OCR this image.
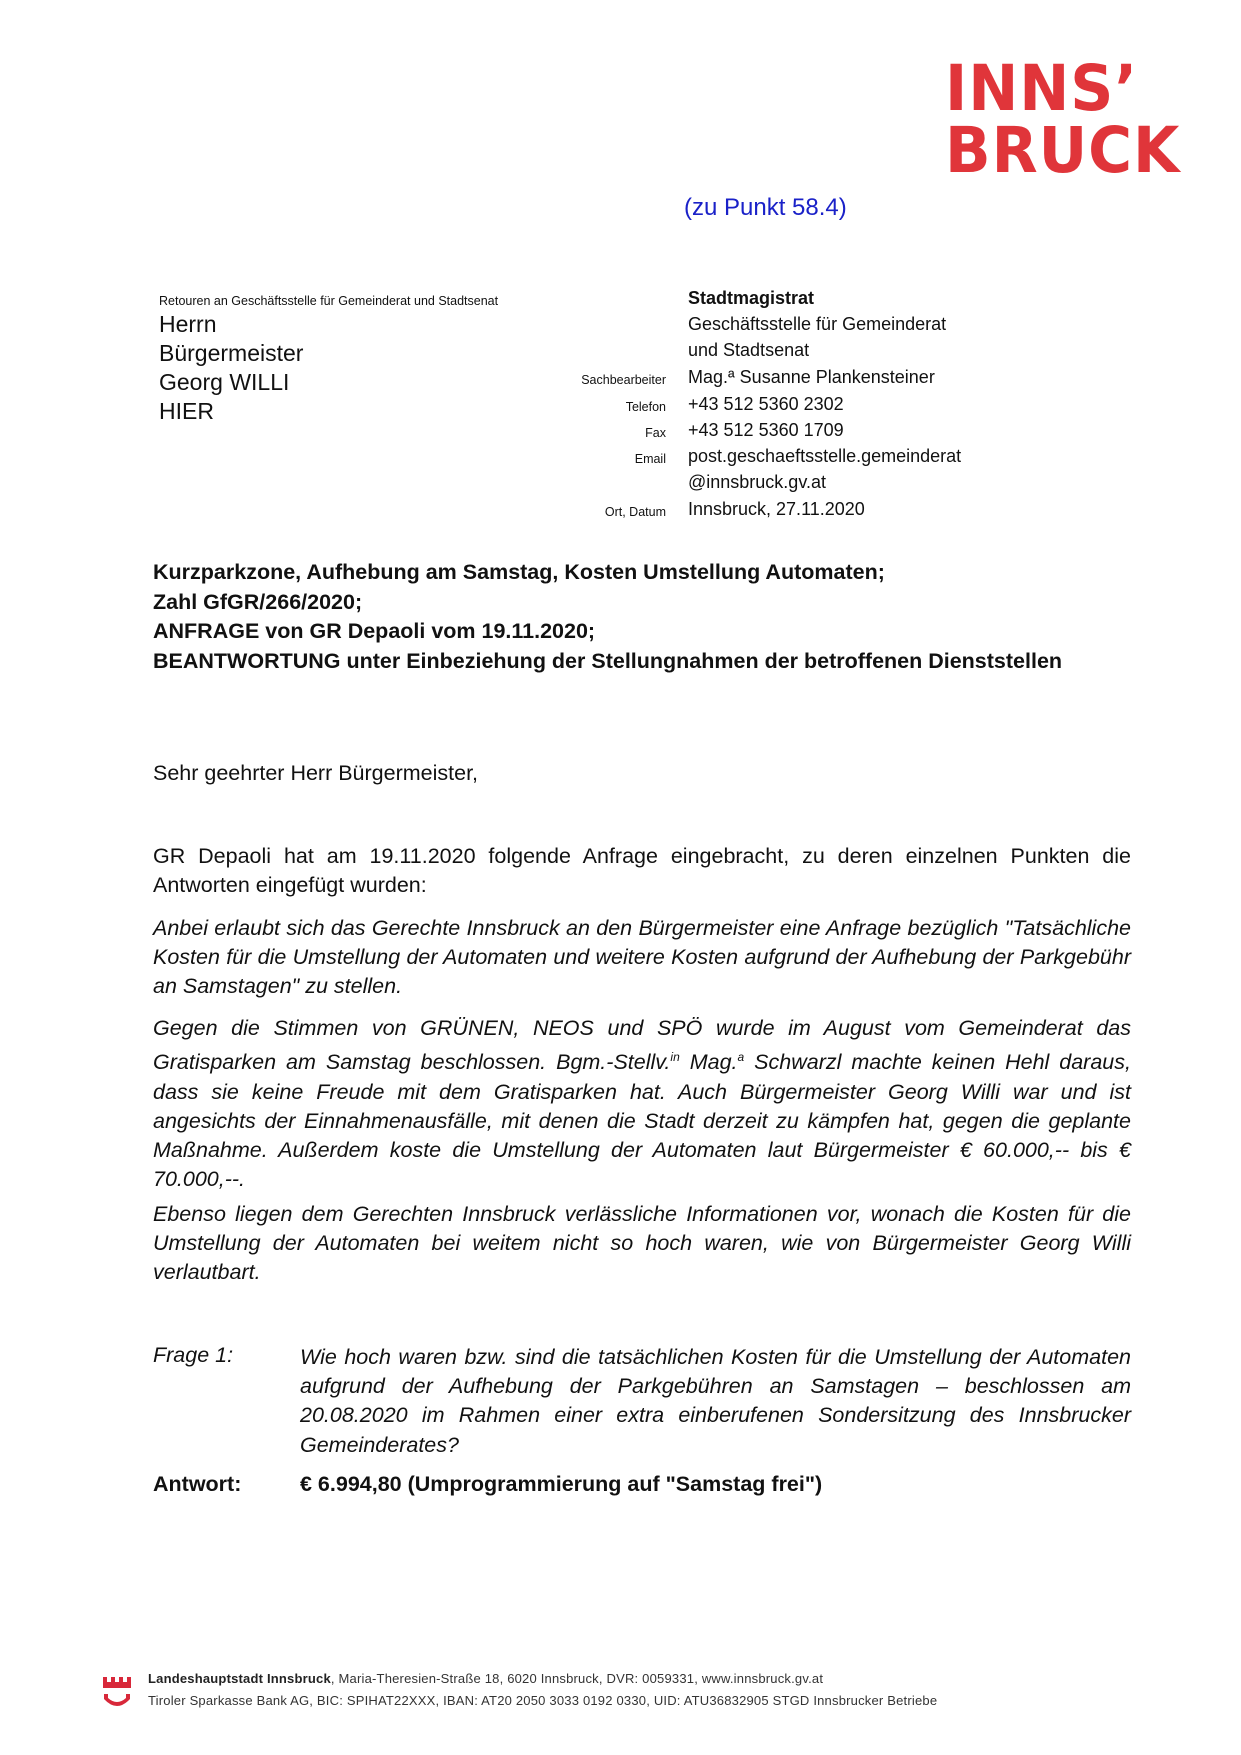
INNS’
BRUCK
(zu Punkt 58.4)
Retouren an Geschäftsstelle für Gemeinderat und Stadtsenat
Herrn
Bürgermeister
Georg WILLI
HIER
Stadtmagistrat
Geschäftsstelle für Gemeinderat
und Stadtsenat
Sachbearbeiter Mag.ª Susanne Plankensteiner
Telefon +43 512 5360 2302
Fax +43 512 5360 1709
Email post.geschaeftsstelle.gemeinderat
@innsbruck.gv.at
Ort, Datum Innsbruck, 27.11.2020
Kurzparkzone, Aufhebung am Samstag, Kosten Umstellung Automaten;
Zahl GfGR/266/2020;
ANFRAGE von GR Depaoli vom 19.11.2020;
BEANTWORTUNG unter Einbeziehung der Stellungnahmen der betroffenen Dienststellen
Sehr geehrter Herr Bürgermeister,
GR Depaoli hat am 19.11.2020 folgende Anfrage eingebracht, zu deren einzelnen Punkten die Antworten eingefügt wurden:
Anbei erlaubt sich das Gerechte Innsbruck an den Bürgermeister eine Anfrage bezüglich "Tatsächliche Kosten für die Umstellung der Automaten und weitere Kosten aufgrund der Aufhebung der Parkgebühr an Samstagen" zu stellen.
Gegen die Stimmen von GRÜNEN, NEOS und SPÖ wurde im August vom Gemeinderat das Gratisparken am Samstag beschlossen. Bgm.-Stellv.$^{in}$ Mag.$^a$ Schwarzl machte keinen Hehl daraus, dass sie keine Freude mit dem Gratisparken hat. Auch Bürgermeister Georg Willi war und ist angesichts der Einnahmenausfälle, mit denen die Stadt derzeit zu kämpfen hat, gegen die geplante Maßnahme. Außerdem koste die Umstellung der Automaten laut Bürgermeister € 60.000,-- bis € 70.000,--.
Ebenso liegen dem Gerechten Innsbruck verlässliche Informationen vor, wonach die Kosten für die Umstellung der Automaten bei weitem nicht so hoch waren, wie von Bürgermeister Georg Willi verlautbart.
Frage 1:	Wie hoch waren bzw. sind die tatsächlichen Kosten für die Umstellung der Automaten aufgrund der Aufhebung der Parkgebühren an Samstagen – beschlossen am 20.08.2020 im Rahmen einer extra einberufenen Sondersitzung des Innsbrucker Gemeinderates?
Antwort:	€ 6.994,80 (Umprogrammierung auf "Samstag frei")
Landeshauptstadt Innsbruck, Maria-Theresien-Straße 18, 6020 Innsbruck, DVR: 0059331, www.innsbruck.gv.at
Tiroler Sparkasse Bank AG, BIC: SPIHAT22XXX, IBAN: AT20 2050 3033 0192 0330, UID: ATU36832905 STGD Innsbrucker Betriebe
